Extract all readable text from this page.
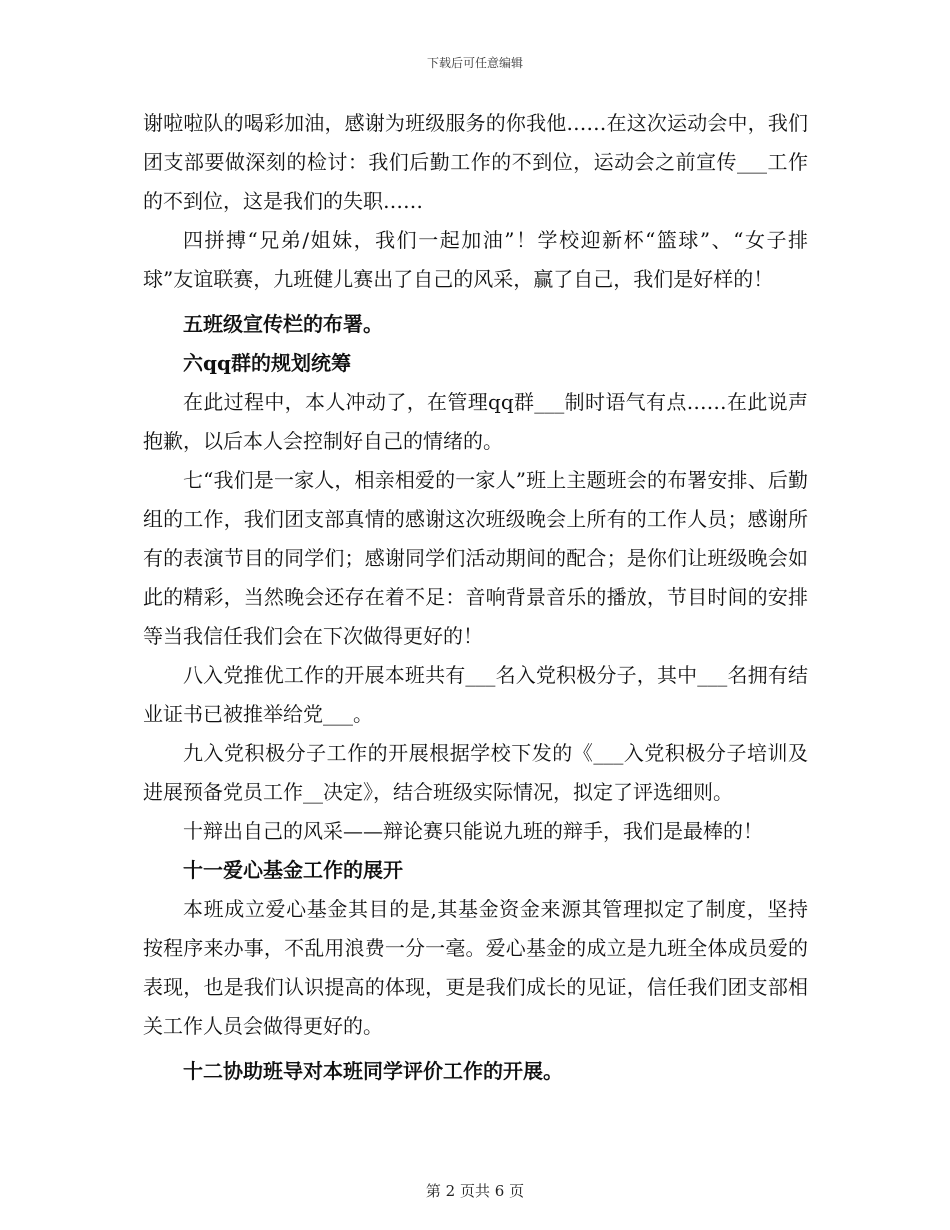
下载后可任意编辑

谢啦啦队的喝彩加油，感谢为班级服务的你我他……在这次运动会中，我们团支部要做深刻的检讨：我们后勤工作的不到位，运动会之前宣传___工作的不到位，这是我们的失职……

四拼搏“兄弟/姐妹，我们一起加油”！学校迎新杯“篮球”、“女子排球”友谊联赛，九班健儿赛出了自己的风采，赢了自己，我们是好样的！

五班级宣传栏的布署。

六qq群的规划统筹

在此过程中，本人冲动了，在管理qq群___制时语气有点……在此说声抱歉，以后本人会控制好自己的情绪的。

七“我们是一家人，相亲相爱的一家人”班上主题班会的布署安排、后勤组的工作，我们团支部真情的感谢这次班级晚会上所有的工作人员；感谢所有的表演节目的同学们；感谢同学们活动期间的配合；是你们让班级晚会如此的精彩，当然晚会还存在着不足：音响背景音乐的播放，节目时间的安排等当我信任我们会在下次做得更好的！

八入党推优工作的开展本班共有___名入党积极分子，其中___名拥有结业证书已被推举给党___。

九入党积极分子工作的开展根据学校下发的《___入党积极分子培训及进展预备党员工作__决定》，结合班级实际情况，拟定了评选细则。

十辩出自己的风采——辩论赛只能说九班的辩手，我们是最棒的！

十一爱心基金工作的展开

本班成立爱心基金其目的是,其基金资金来源其管理拟定了制度，坚持按程序来办事，不乱用浪费一分一毫。爱心基金的成立是九班全体成员爱的表现，也是我们认识提高的体现，更是我们成长的见证，信任我们团支部相关工作人员会做得更好的。

十二协助班导对本班同学评价工作的开展。

第 2 页共 6 页
